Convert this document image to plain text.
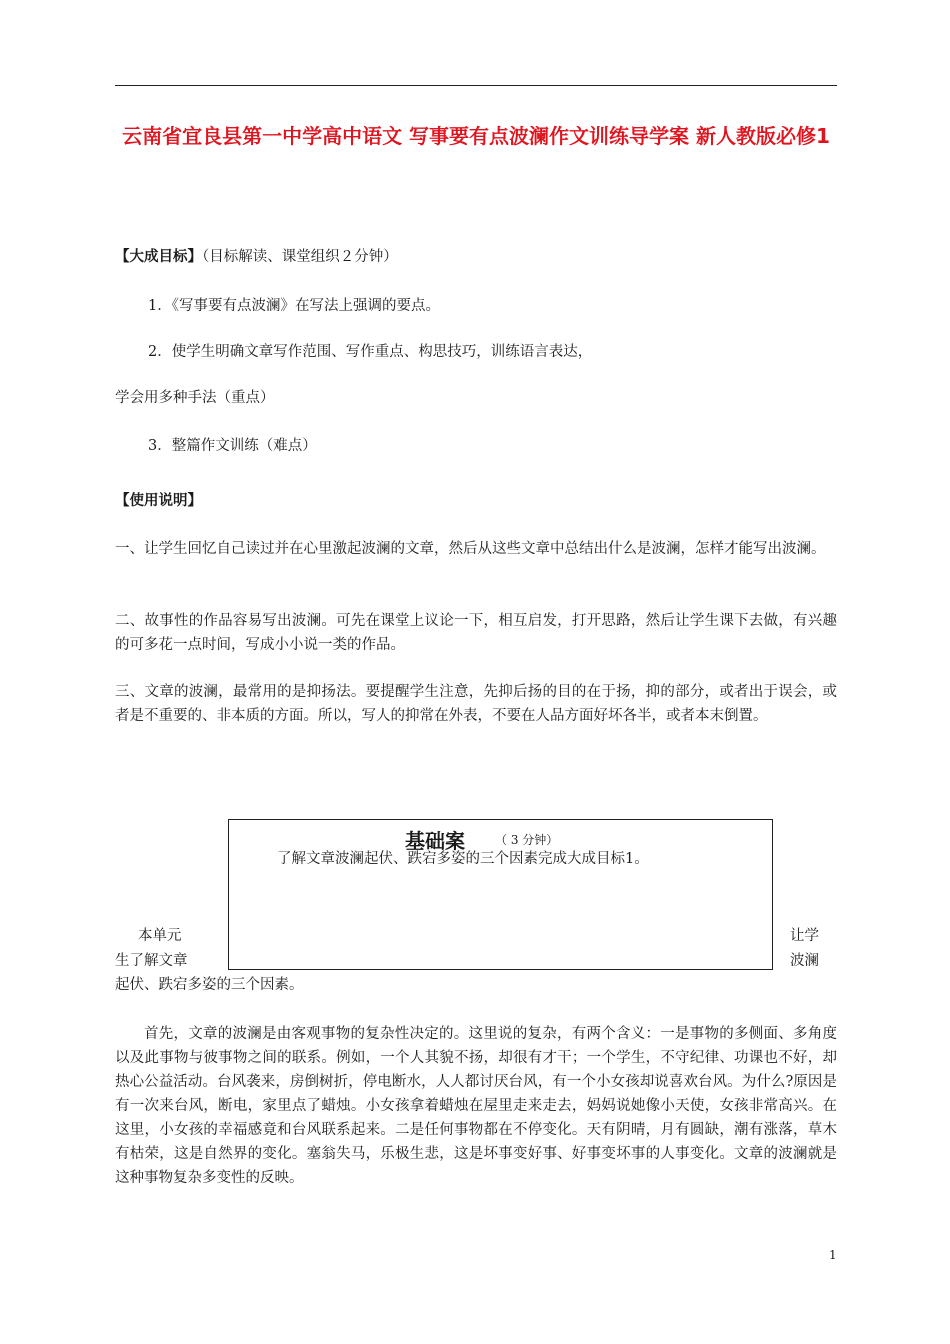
云南省宜良县第一中学高中语文 写事要有点波澜作文训练导学案 新人教版必修1
【大成目标】（目标解读、课堂组织２分钟）
1．《写事要有点波澜》在写法上强调的要点。
2．使学生明确文章写作范围、写作重点、构思技巧，训练语言表达，
学会用多种手法（重点）
3．整篇作文训练（难点）
【使用说明】
一、让学生回忆自己读过并在心里激起波澜的文章，然后从这些文章中总结出什么是波澜，怎样才能写出波澜。
二、故事性的作品容易写出波澜。可先在课堂上议论一下，相互启发，打开思路，然后让学生课下去做，有兴趣的可多花一点时间，写成小小说一类的作品。
三、文章的波澜，最常用的是抑扬法。要提醒学生注意，先抑后扬的目的在于扬，抑的部分，或者出于误会，或者是不重要的、非本质的方面。所以，写人的抑常在外表，不要在人品方面好坏各半，或者本末倒置。
基础案	（ 3 分钟）
了解文章波澜起伏、跌宕多姿的三个因素完成大成目标1。
本单元
生了解文章
让学
波澜
起伏、跌宕多姿的三个因素。
首先，文章的波澜是由客观事物的复杂性决定的。这里说的复杂，有两个含义：一是事物的多侧面、多角度以及此事物与彼事物之间的联系。例如，一个人其貌不扬，却很有才干；一个学生，不守纪律、功课也不好，却热心公益活动。台风袭来，房倒树折，停电断水，人人都讨厌台风，有一个小女孩却说喜欢台风。为什么?原因是有一次来台风，断电，家里点了蜡烛。小女孩拿着蜡烛在屋里走来走去，妈妈说她像小天使，女孩非常高兴。在这里，小女孩的幸福感竟和台风联系起来。二是任何事物都在不停变化。天有阴晴，月有圆缺，潮有涨落，草木有枯荣，这是自然界的变化。塞翁失马，乐极生悲，这是坏事变好事、好事变坏事的人事变化。文章的波澜就是这种事物复杂多变性的反映。
1
